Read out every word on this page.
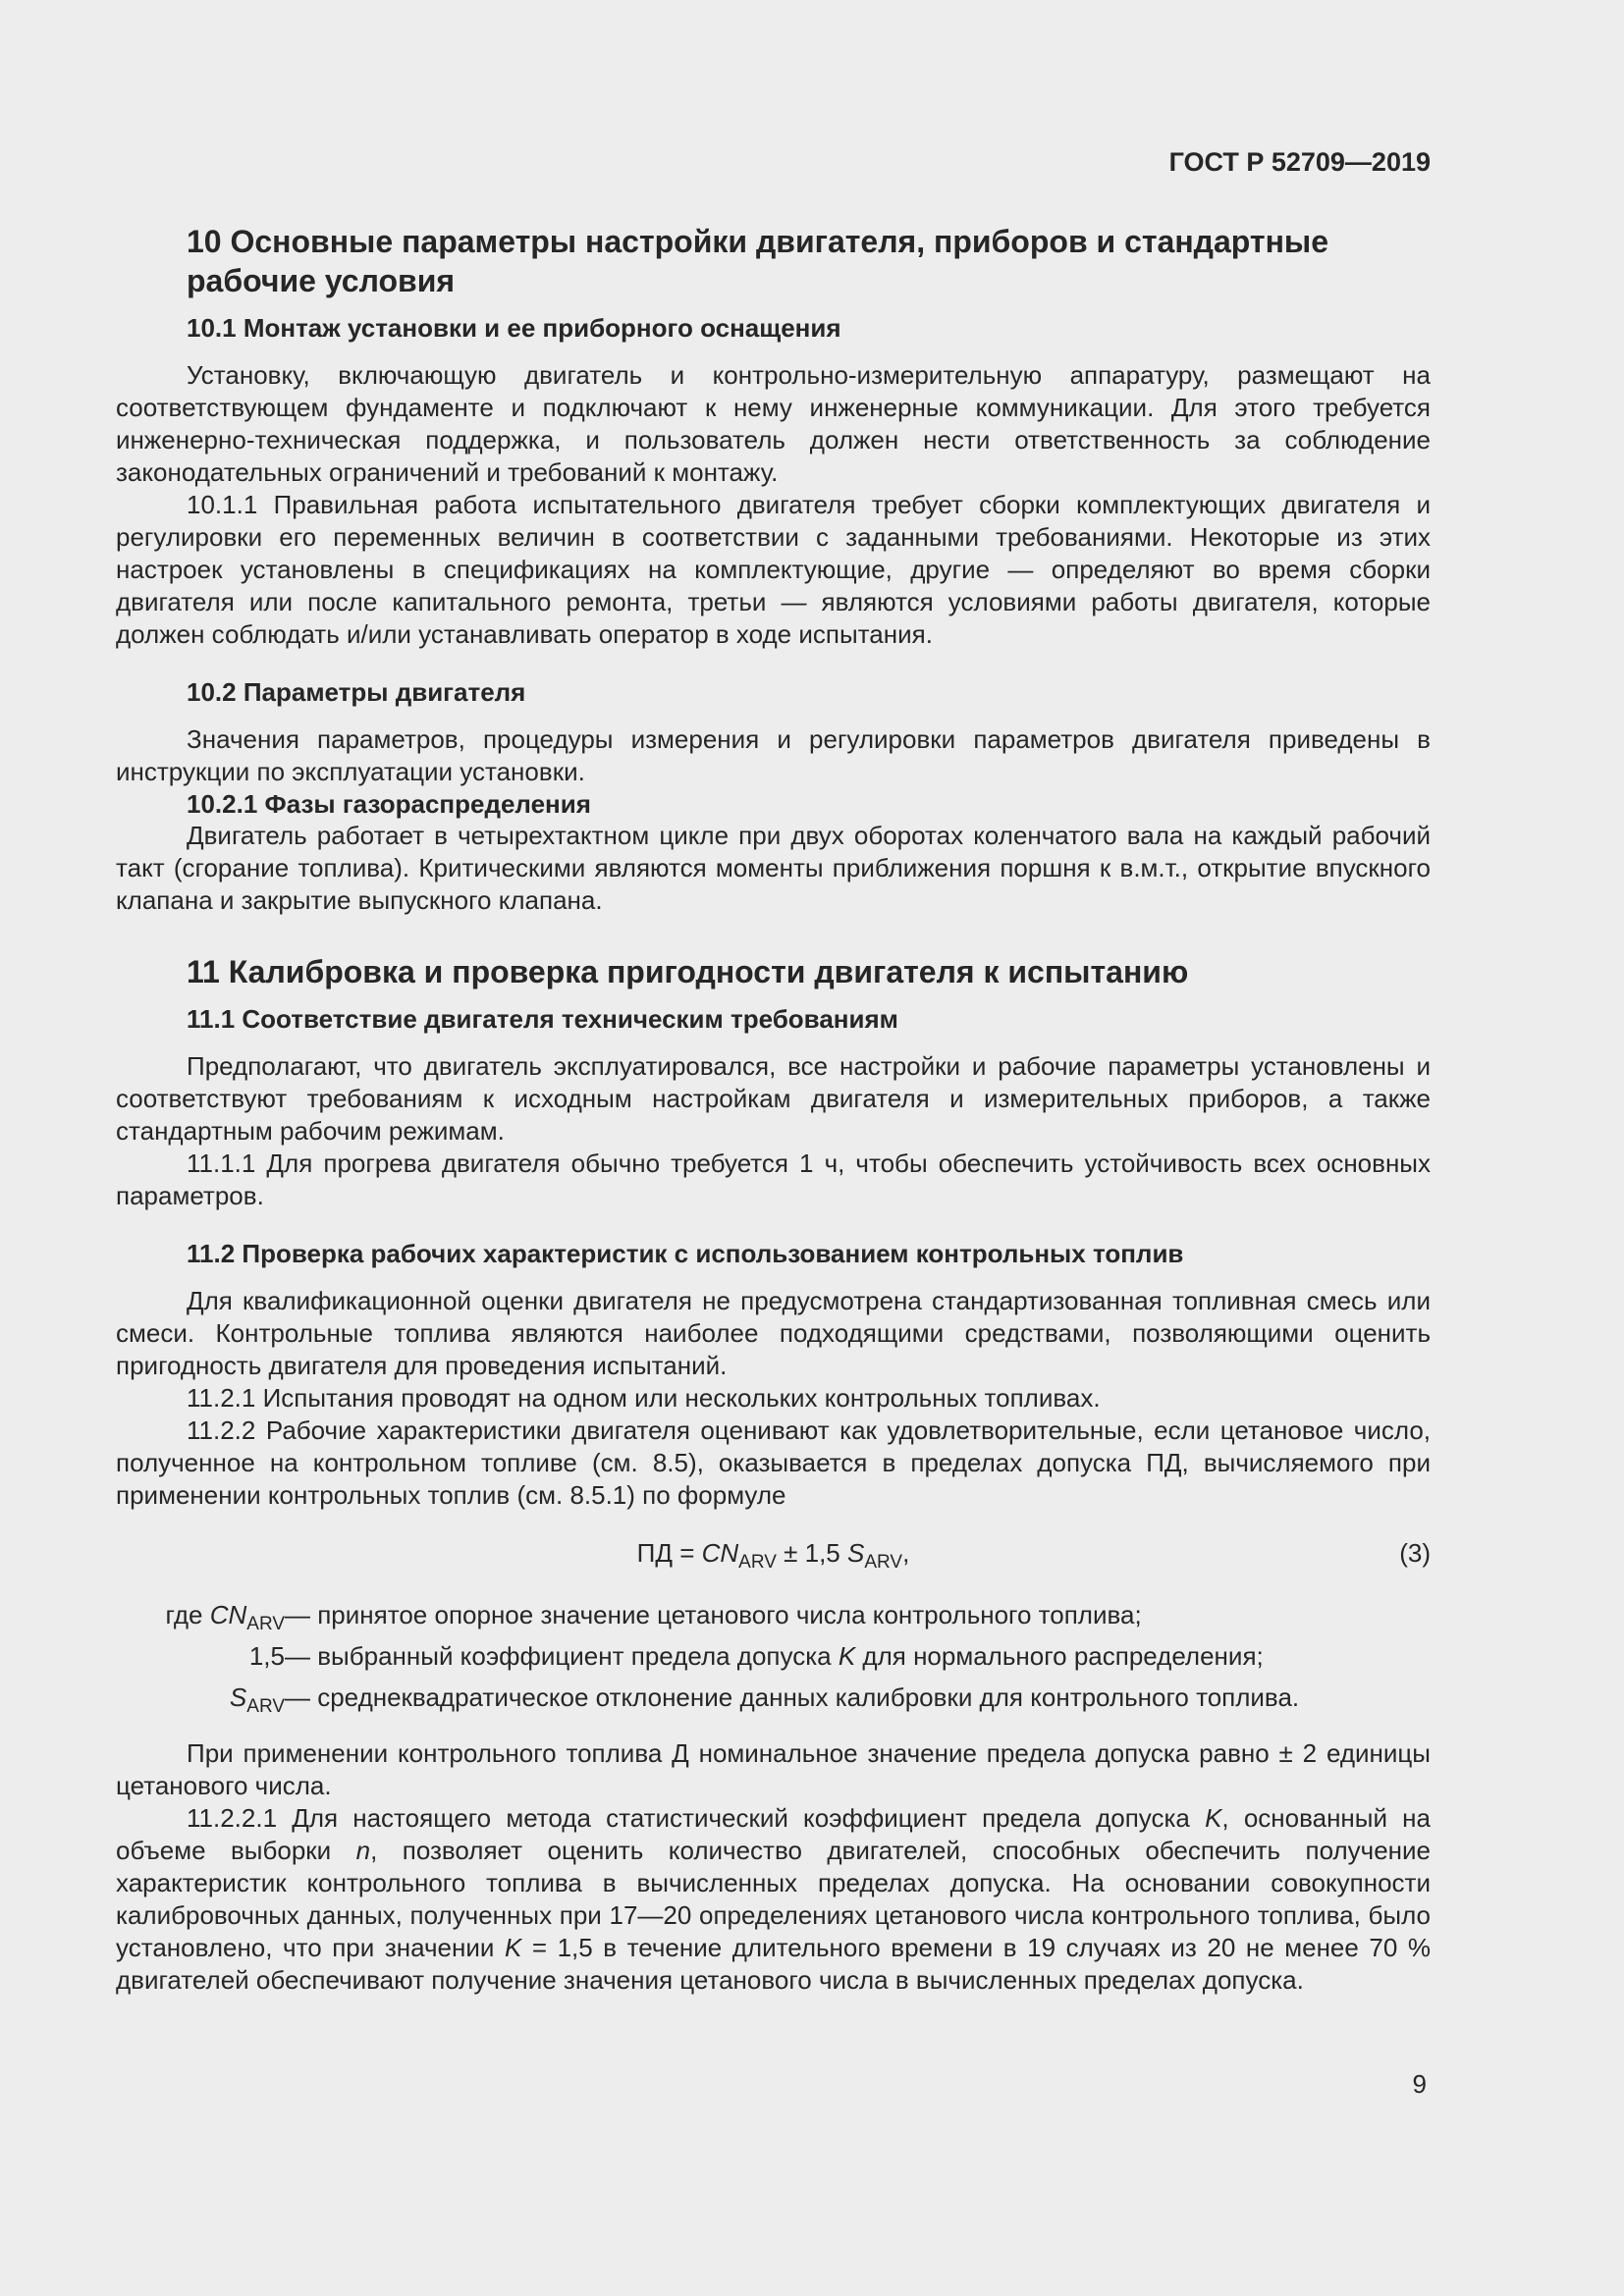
ГОСТ Р 52709—2019
10 Основные параметры настройки двигателя, приборов и стандартные рабочие условия
10.1 Монтаж установки и ее приборного оснащения

Установку, включающую двигатель и контрольно-измерительную аппаратуру, размещают на соответствующем фундаменте и подключают к нему инженерные коммуникации. Для этого требуется инженерно-техническая поддержка, и пользователь должен нести ответственность за соблюдение законодательных ограничений и требований к монтажу.

10.1.1 Правильная работа испытательного двигателя требует сборки комплектующих двигателя и регулировки его переменных величин в соответствии с заданными требованиями. Некоторые из этих настроек установлены в спецификациях на комплектующие, другие — определяют во время сборки двигателя или после капитального ремонта, третьи — являются условиями работы двигателя, которые должен соблюдать и/или устанавливать оператор в ходе испытания.

10.2 Параметры двигателя

Значения параметров, процедуры измерения и регулировки параметров двигателя приведены в инструкции по эксплуатации установки.

10.2.1 Фазы газораспределения

Двигатель работает в четырехтактном цикле при двух оборотах коленчатого вала на каждый рабочий такт (сгорание топлива). Критическими являются моменты приближения поршня к в.м.т., открытие впускного клапана и закрытие выпускного клапана.

11 Калибровка и проверка пригодности двигателя к испытанию
11.1 Соответствие двигателя техническим требованиям

Предполагают, что двигатель эксплуатировался, все настройки и рабочие параметры установлены и соответствуют требованиям к исходным настройкам двигателя и измерительных приборов, а также стандартным рабочим режимам.

11.1.1 Для прогрева двигателя обычно требуется 1 ч, чтобы обеспечить устойчивость всех основных параметров.

11.2 Проверка рабочих характеристик с использованием контрольных топлив

Для квалификационной оценки двигателя не предусмотрена стандартизованная топливная смесь или смеси. Контрольные топлива являются наиболее подходящими средствами, позволяющими оценить пригодность двигателя для проведения испытаний.

11.2.1 Испытания проводят на одном или нескольких контрольных топливах.

11.2.2 Рабочие характеристики двигателя оценивают как удовлетворительные, если цетановое число, полученное на контрольном топливе (см. 8.5), оказывается в пределах допуска ПД, вычисляемого при применении контрольных топлив (см. 8.5.1) по формуле

ПД = $CN_{ARV} \pm 1,5$ $S_{ARV}$,	(3)
где $CN_{ARV}$ — принятое опорное значение цетанового числа контрольного топлива;
1,5 — выбранный коэффициент предела допуска K для нормального распределения;
$S_{ARV}$ — среднеквадратическое отклонение данных калибровки для контрольного топлива.

При применении контрольного топлива Д номинальное значение предела допуска равно ± 2 единицы цетанового числа.

11.2.2.1 Для настоящего метода статистический коэффициент предела допуска K, основанный на объеме выборки n, позволяет оценить количество двигателей, способных обеспечить получение характеристик контрольного топлива в вычисленных пределах допуска. На основании совокупности калибровочных данных, полученных при 17—20 определениях цетанового числа контрольного топлива, было установлено, что при значении K = 1,5 в течение длительного времени в 19 случаях из 20 не менее 70 % двигателей обеспечивают получение значения цетанового числа в вычисленных пределах допуска.

9
